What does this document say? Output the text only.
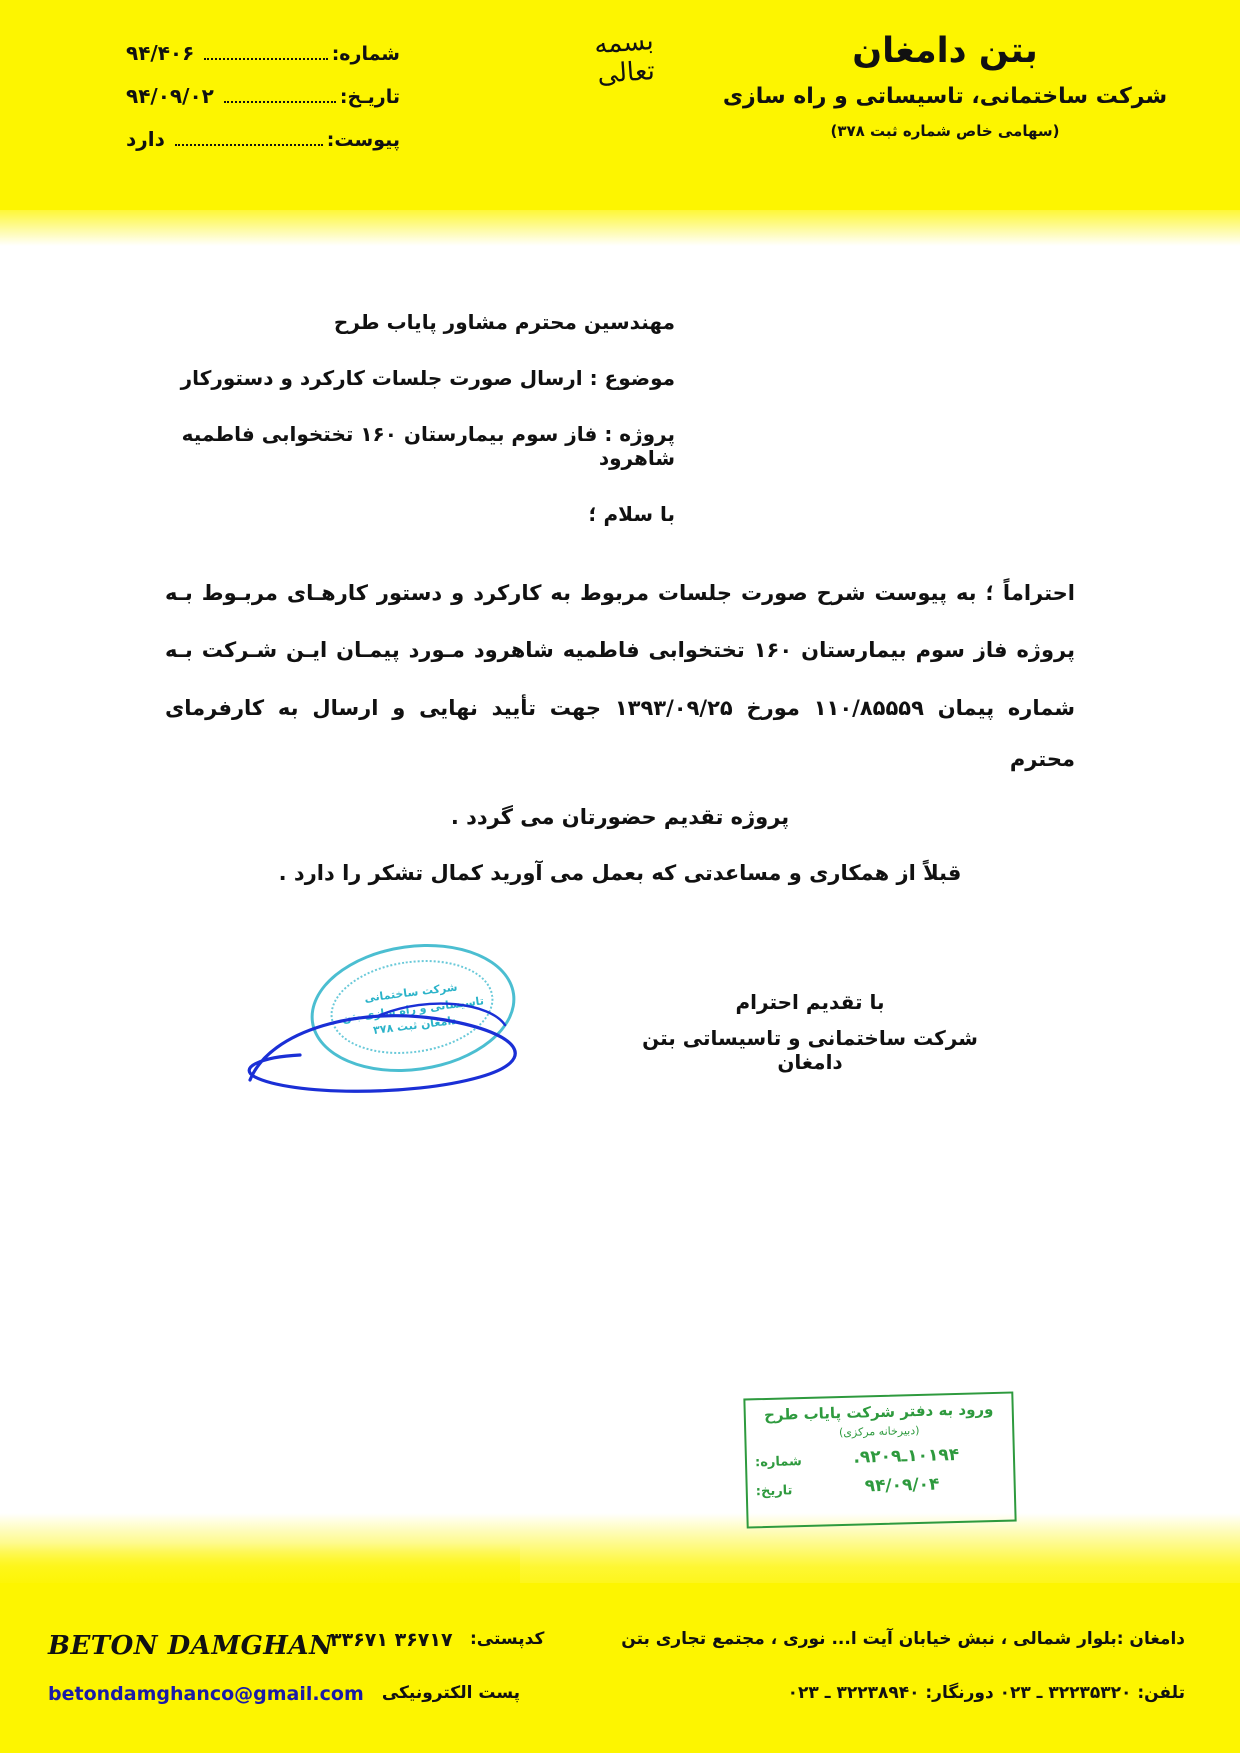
بتن دامغان
شرکت ساختمانی، تاسیساتی و راه سازی
(سهامی خاص شماره ثبت ۳۷۸)
بسمه تعالی
شماره:
۹۴/۴۰۶
تاریـخ:
۹۴/۰۹/۰۲
پیوست:
دارد
مهندسین محترم مشاور پایاب طرح
موضوع : ارسال صورت جلسات کارکرد و دستورکار
پروژه : فاز سوم بیمارستان ۱۶۰ تختخوابی فاطمیه شاهرود
با سلام ؛

احتراماً ؛ به پیوست شرح صورت جلسات مربوط به کارکرد و دستور کارهـای مربـوط بـه

پروژه فاز سوم بیمارستان ۱۶۰ تختخوابی فاطمیه شاهرود مـورد پیمـان ایـن شـرکت بـه

شماره پیمان ۱۱۰/۸۵۵۵۹ مورخ ۱۳۹۳/۰۹/۲۵ جهت تأیید نهایی و ارسال به کارفرمای محترم

پروژه تقدیم حضورتان می گردد .

قبلاً از همکاری و مساعدتی که بعمل می آورید کمال تشکر را دارد .

با تقدیم احترام
شرکت ساختمانی و تاسیساتی بتن دامغان
شرکت ساختمانی تاسیساتی و راه سازی بتن دامغان ثبت ۳۷۸
ورود به دفتر شرکت پایاب طرح
(دبیرخانه مرکزی)
شماره:	۱۰۱۹۴ـ۹۲۰۹.
تاریخ:	۹۴/۰۹/۰۴
BETON DAMGHAN	دامغان :بلوار شمالی ، نبش خیابان آیت ا... نوری ، مجتمع تجاری بتن
کدپستی:
۳۶۷۱۷ ۳۳۶۷۱
تلفن: ۳۲۲۳۵۳۲۰ ـ ۰۲۳ دورنگار: ۳۲۲۳۸۹۴۰ ـ ۰۲۳
پست الکترونیکی
betondamghanco@gmail.com
